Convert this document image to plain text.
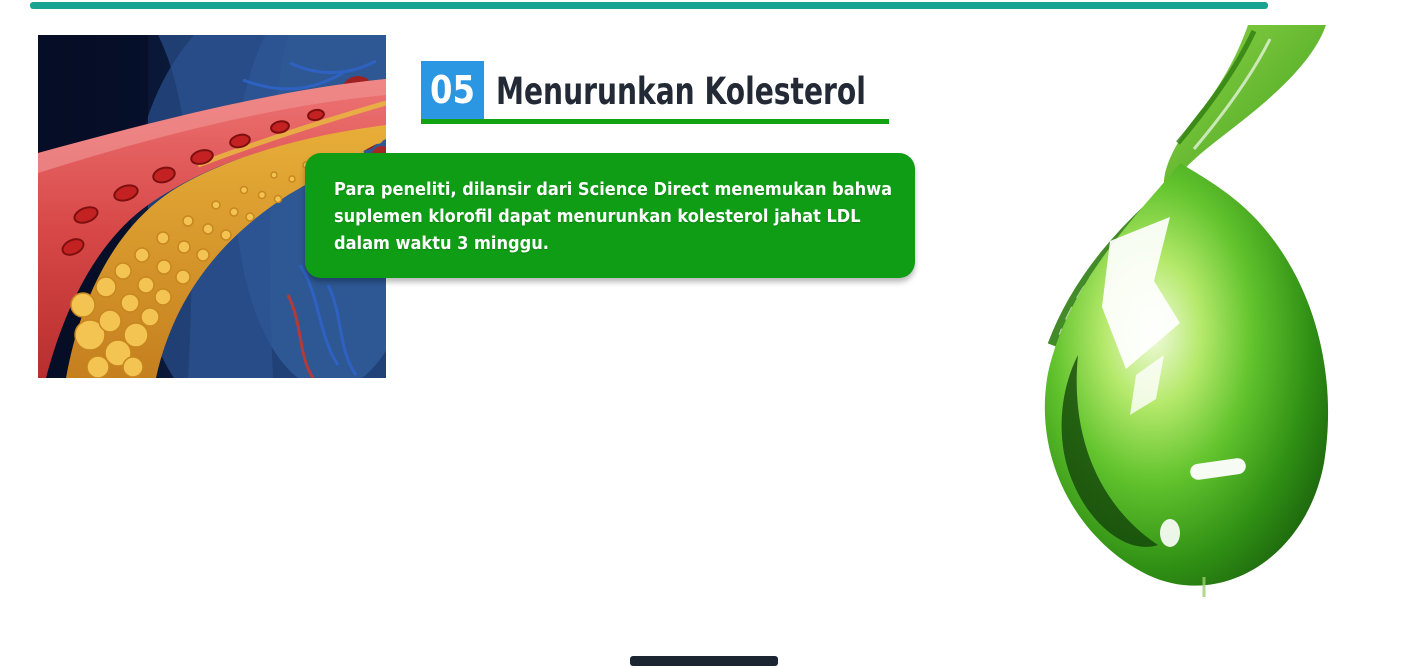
05 Menurunkan Kolesterol
Para peneliti, dilansir dari Science Direct menemukan bahwa
suplemen klorofil dapat menurunkan kolesterol jahat LDL
dalam waktu 3 minggu.
